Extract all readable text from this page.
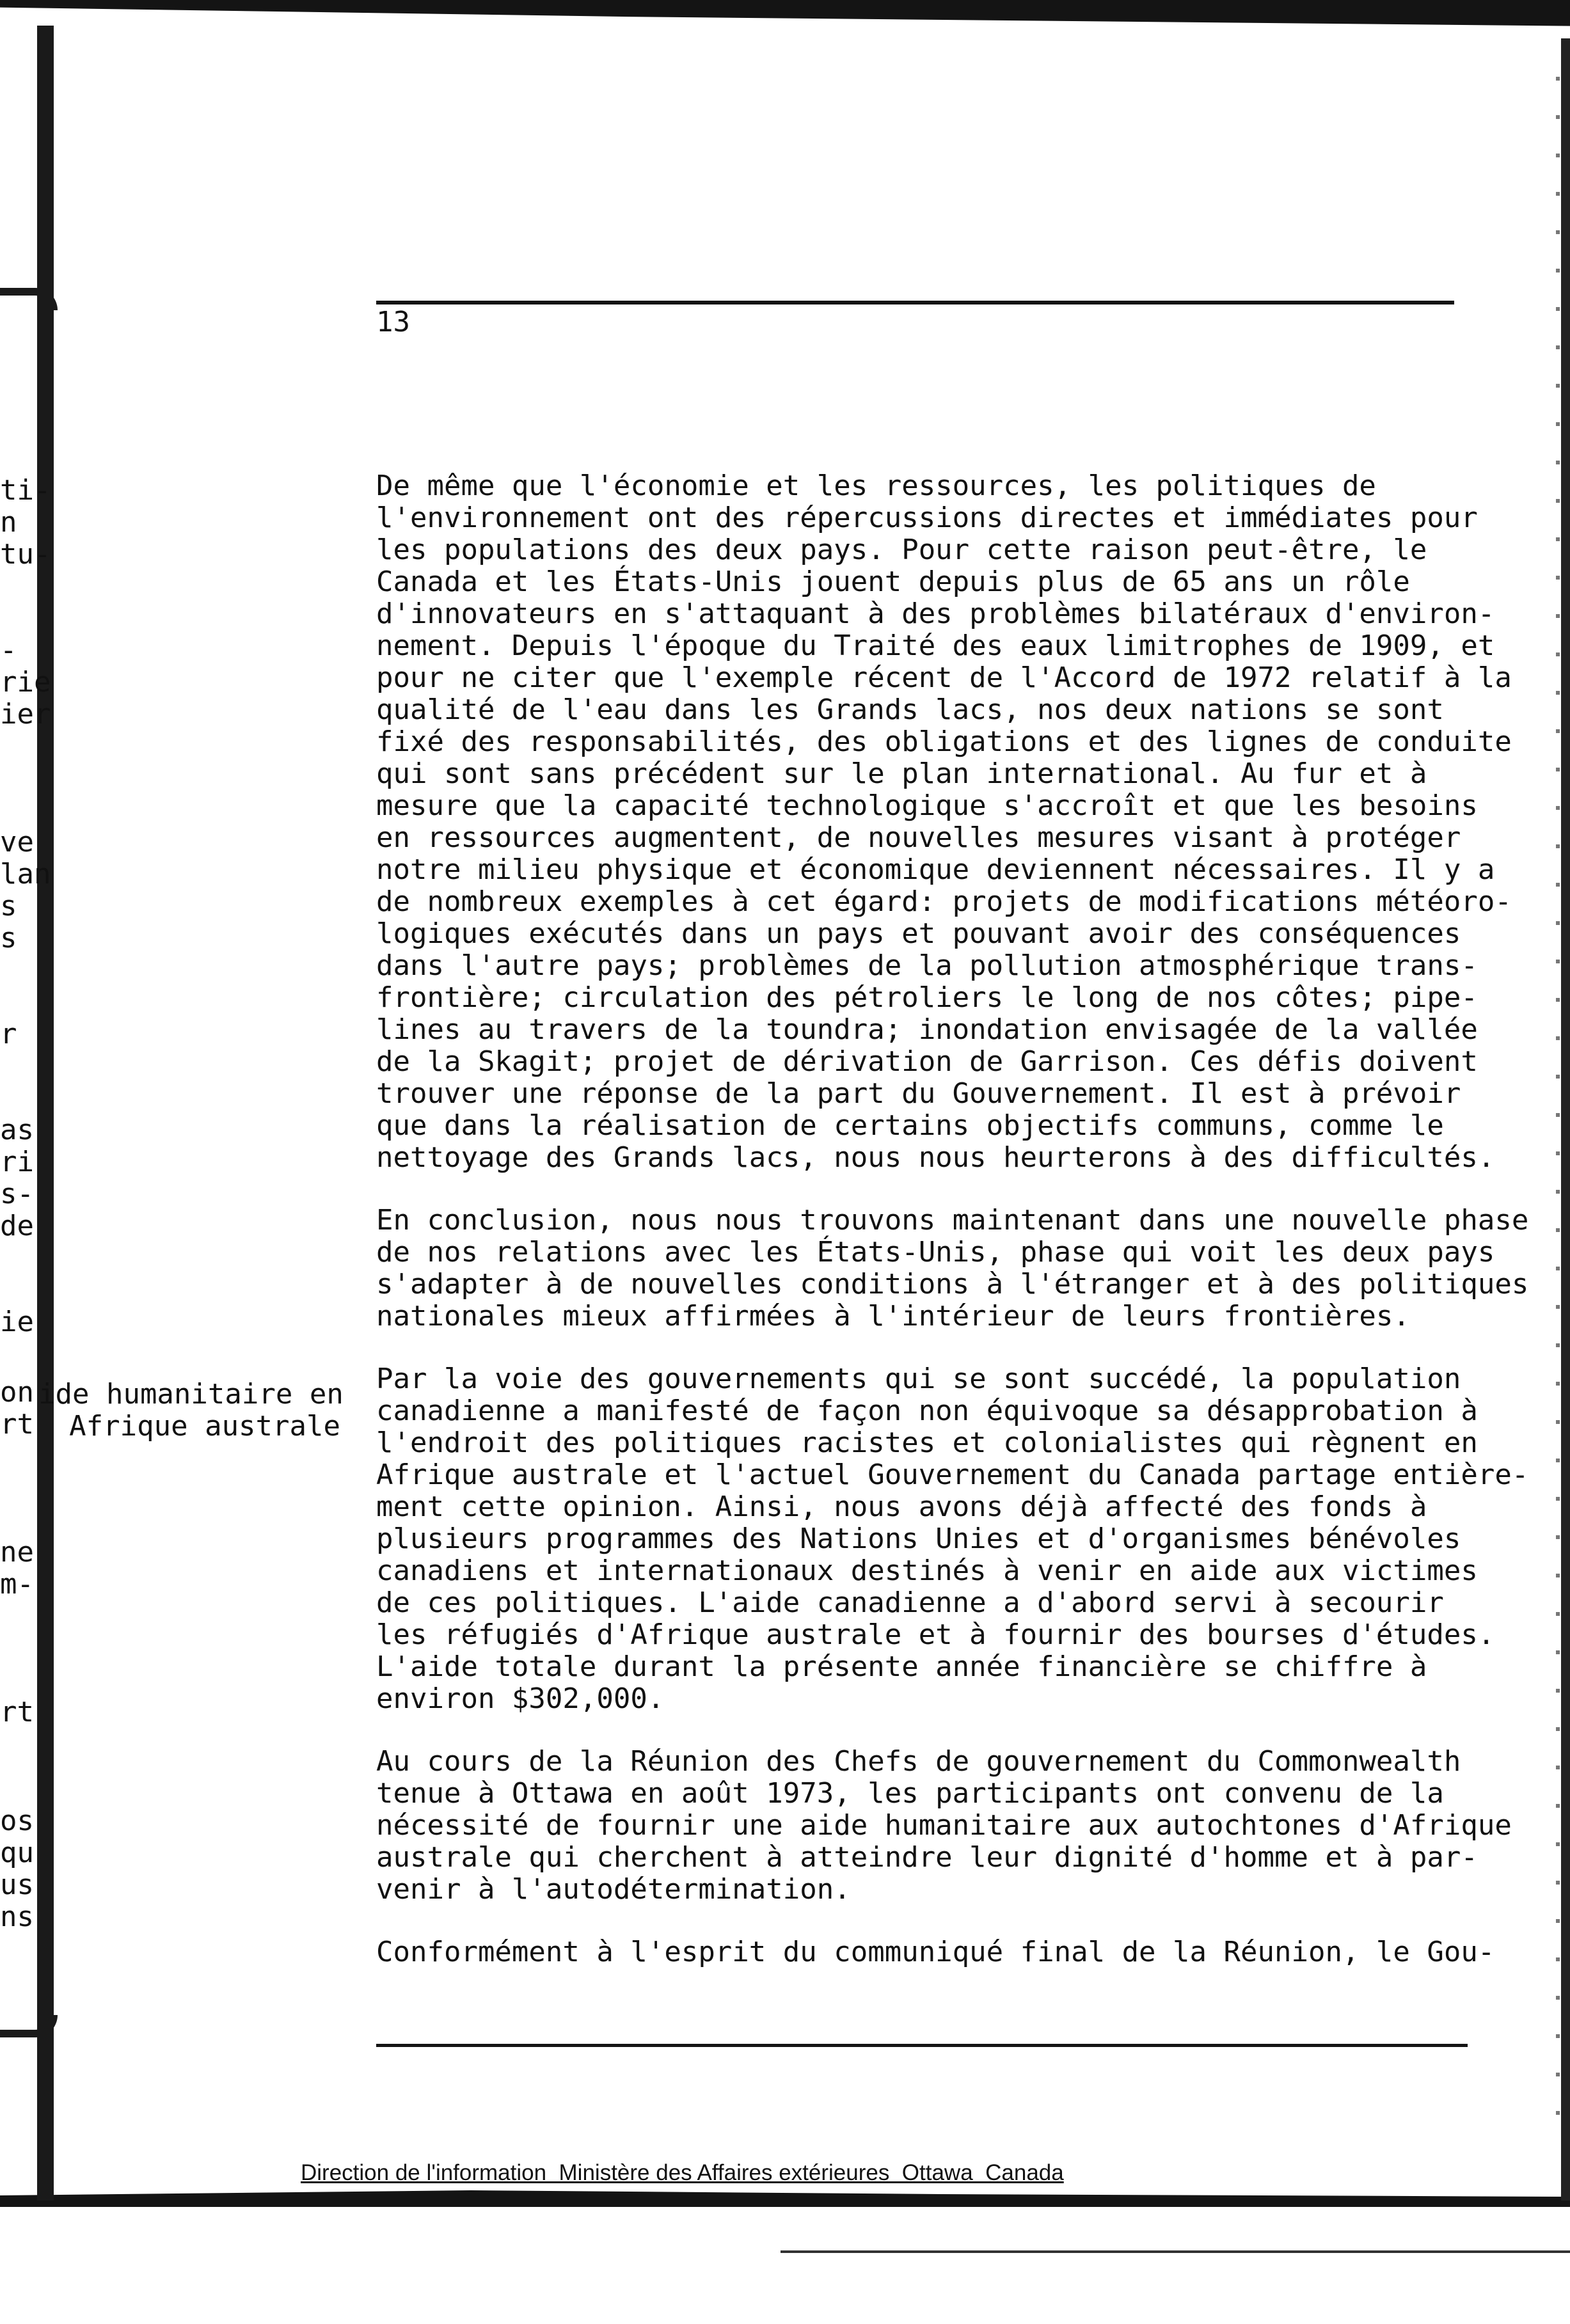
ti-
n
tu-
-
rie
ier
ve
lan
s
s
r
as
ri
s-
de
ie
on
rt
ne
m-
rt
os
qu
us
ns
13
ide humanitaire en
Afrique australe

De même que l'économie et les ressources, les politiques de
l'environnement ont des répercussions directes et immédiates pour
les populations des deux pays. Pour cette raison peut-être, le
Canada et les États-Unis jouent depuis plus de 65 ans un rôle
d'innovateurs en s'attaquant à des problèmes bilatéraux d'environ-
nement. Depuis l'époque du Traité des eaux limitrophes de 1909, et
pour ne citer que l'exemple récent de l'Accord de 1972 relatif à la
qualité de l'eau dans les Grands lacs, nos deux nations se sont
fixé des responsabilités, des obligations et des lignes de conduite
qui sont sans précédent sur le plan international. Au fur et à
mesure que la capacité technologique s'accroît et que les besoins
en ressources augmentent, de nouvelles mesures visant à protéger
notre milieu physique et économique deviennent nécessaires. Il y a
de nombreux exemples à cet égard: projets de modifications météoro-
logiques exécutés dans un pays et pouvant avoir des conséquences
dans l'autre pays; problèmes de la pollution atmosphérique trans-
frontière; circulation des pétroliers le long de nos côtes; pipe-
lines au travers de la toundra; inondation envisagée de la vallée
de la Skagit; projet de dérivation de Garrison. Ces défis doivent
trouver une réponse de la part du Gouvernement. Il est à prévoir
que dans la réalisation de certains objectifs communs, comme le
nettoyage des Grands lacs, nous nous heurterons à des difficultés.

En conclusion, nous nous trouvons maintenant dans une nouvelle phase
de nos relations avec les États-Unis, phase qui voit les deux pays
s'adapter à de nouvelles conditions à l'étranger et à des politiques
nationales mieux affirmées à l'intérieur de leurs frontières.

Par la voie des gouvernements qui se sont succédé, la population
canadienne a manifesté de façon non équivoque sa désapprobation à
l'endroit des politiques racistes et colonialistes qui règnent en
Afrique australe et l'actuel Gouvernement du Canada partage entière-
ment cette opinion. Ainsi, nous avons déjà affecté des fonds à
plusieurs programmes des Nations Unies et d'organismes bénévoles
canadiens et internationaux destinés à venir en aide aux victimes
de ces politiques. L'aide canadienne a d'abord servi à secourir
les réfugiés d'Afrique australe et à fournir des bourses d'études.
L'aide totale durant la présente année financière se chiffre à
environ $302,000.

Au cours de la Réunion des Chefs de gouvernement du Commonwealth
tenue à Ottawa en août 1973, les participants ont convenu de la
nécessité de fournir une aide humanitaire aux autochtones d'Afrique
australe qui cherchent à atteindre leur dignité d'homme et à par-
venir à l'autodétermination.

Conformément à l'esprit du communiqué final de la Réunion, le Gou-

Direction de l'information  Ministère des Affaires extérieures  Ottawa  Canada
